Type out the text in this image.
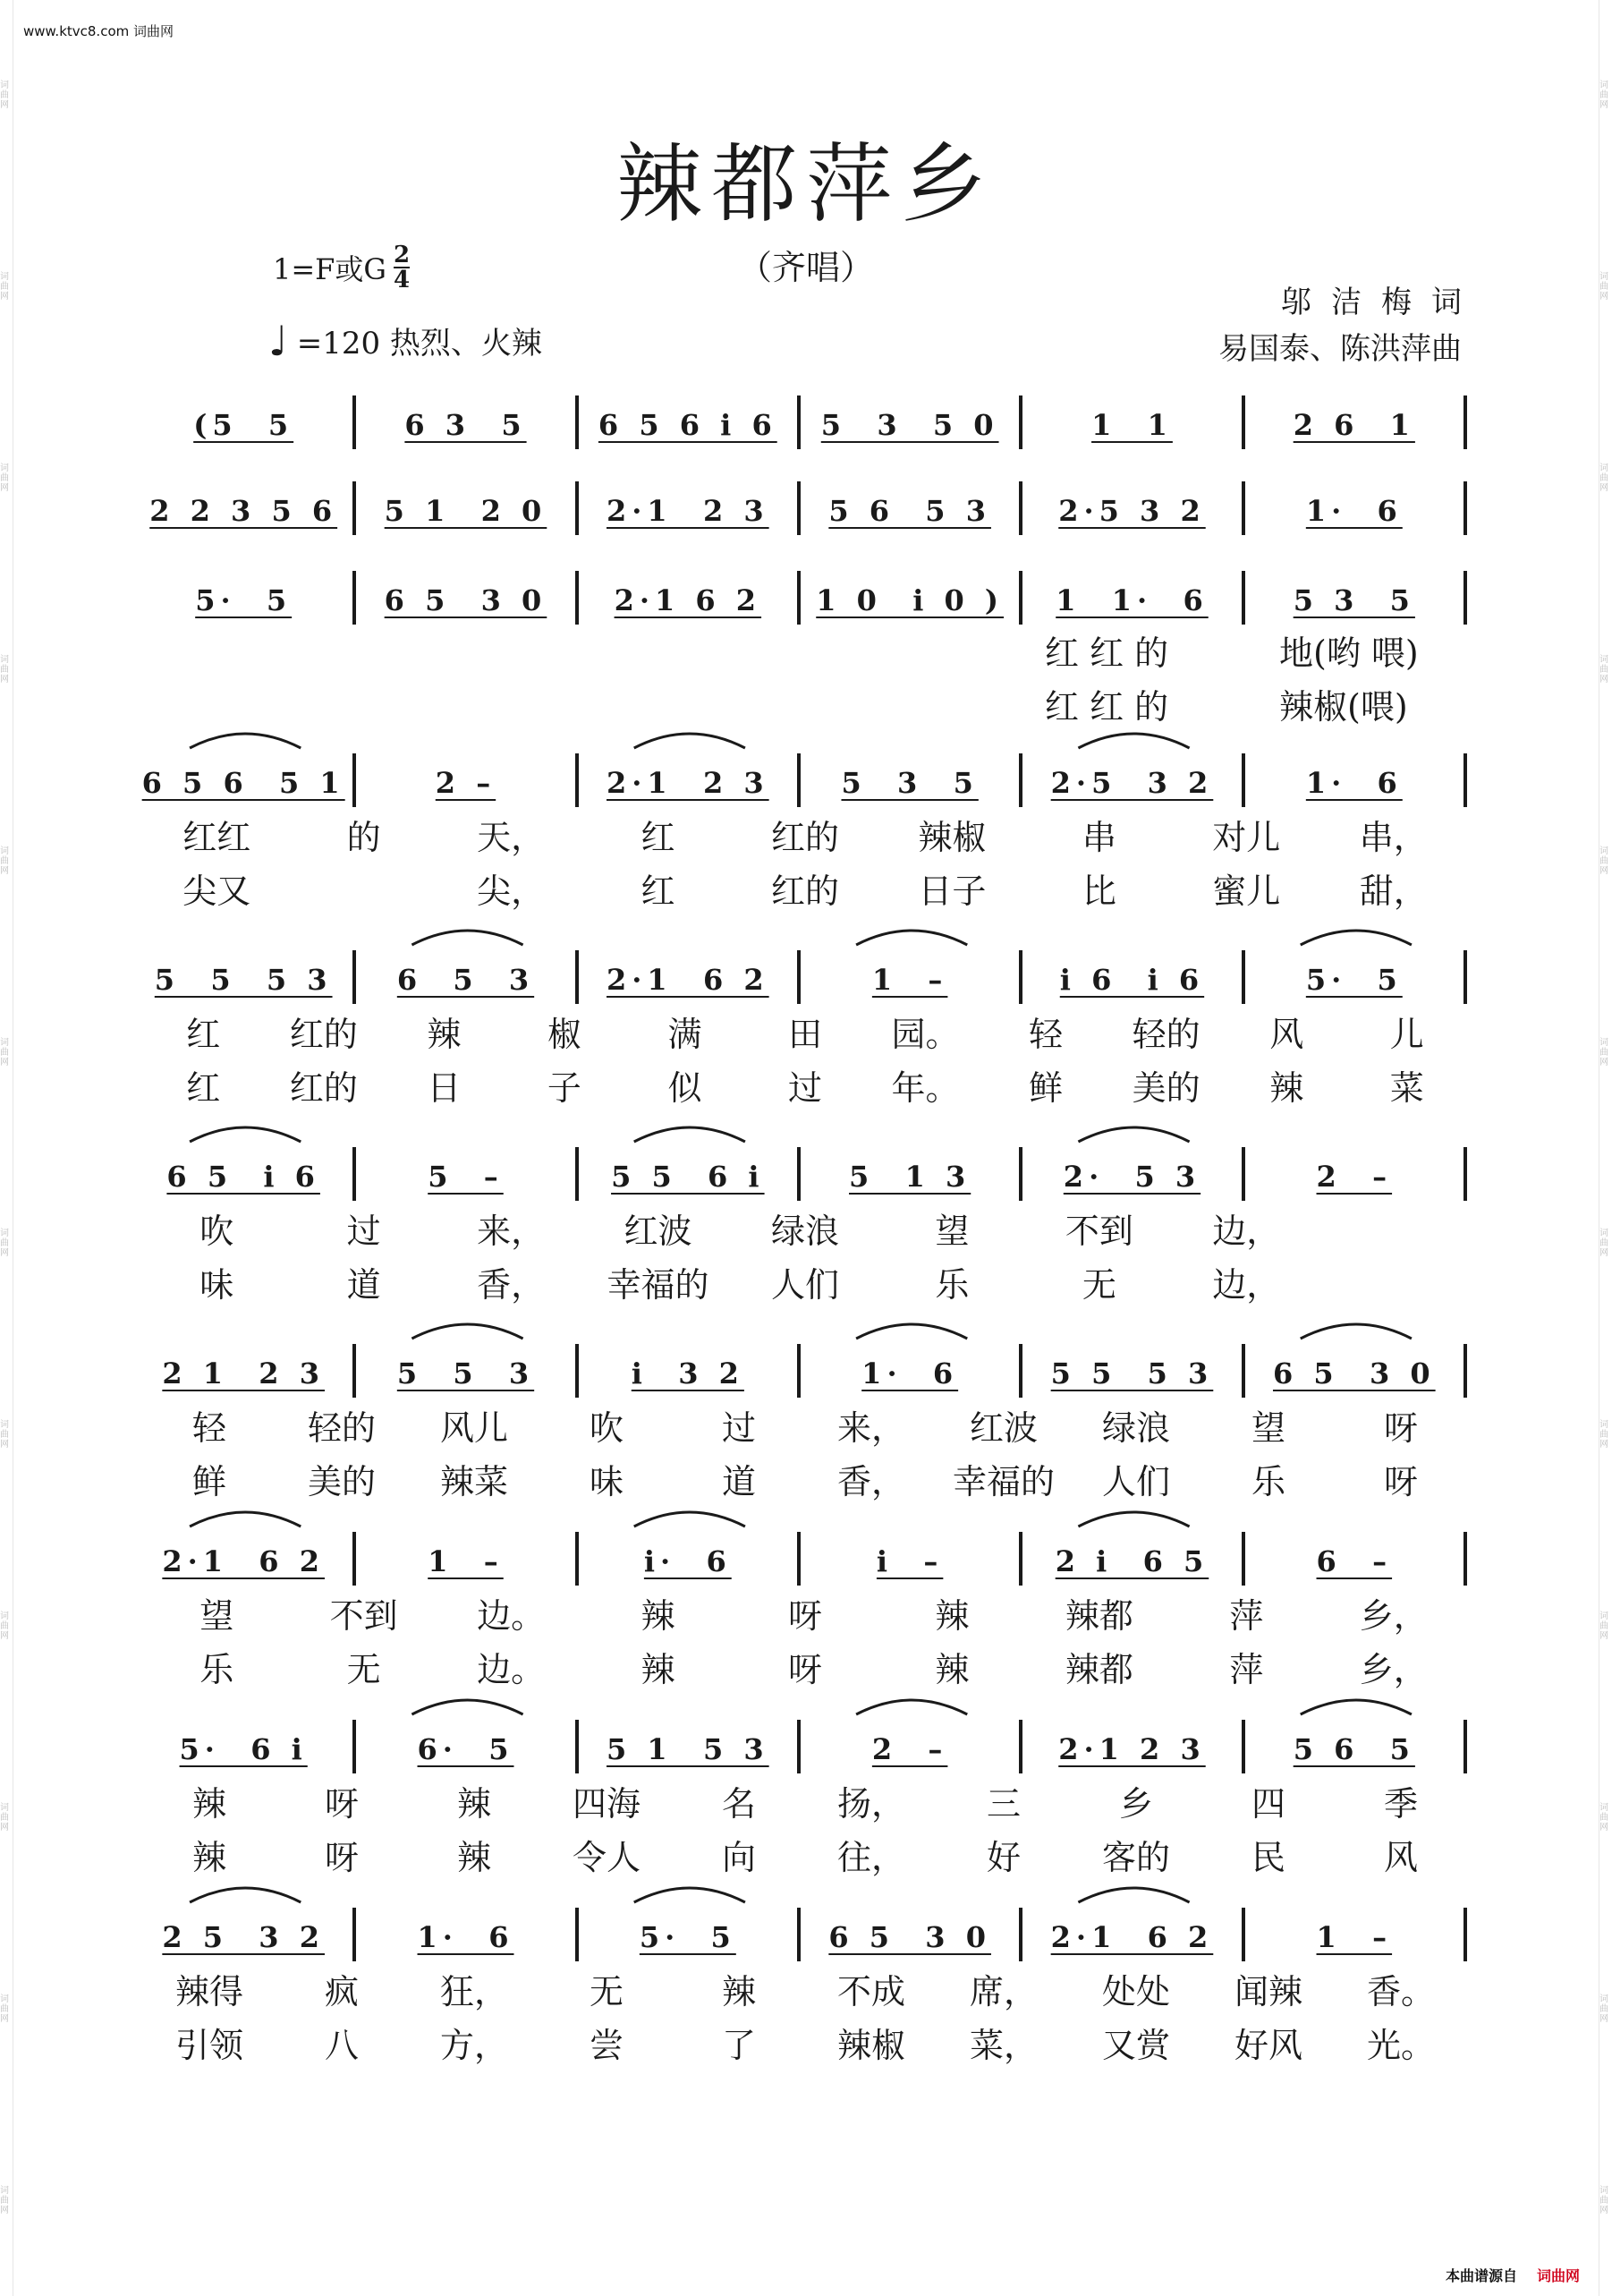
词曲网
词曲网
词曲网
词曲网
词曲网
词曲网
词曲网
词曲网
词曲网
词曲网
词曲网
词曲网
词曲网
词曲网
词曲网
词曲网
词曲网
词曲网
词曲网
词曲网
词曲网
词曲网
词曲网
词曲网
www.ktvc8.com 词曲网
辣都萍乡
（齐唱）
1=F或G $\frac{2}{4}$
♩ =120 热烈、火辣
邬洁梅词
易国泰、陈洪萍曲
(5  5	6 3  5	6 5 6 i 6	5  3  5 0	1  1	2 6  1
2 2 3 5 6	5 1  2 0	2·1  2 3	5 6  5 3	2·5 3 2	1·  6
5·  5	6 5  3 0	2·1 6 2	1 0  i 0 )	1  1·  6	5 3  5
红 红 的	地(哟 喂)
红 红 的	辣椒(喂)
6 5 6  5 1	2 –	2·1  2 3	5  3  5	2·5  3 2	1·  6
红红	的	天，	红	红的	辣椒	串	对儿	串，
尖又	尖，	红	红的	日子	比	蜜儿	甜，
5  5  5 3	6  5  3	2·1  6 2	1  –	i 6  i 6	5·  5
红	红的	辣	椒	满	田	园。	轻	轻的	风	儿
红	红的	日	子	似	过	年。	鲜	美的	辣	菜
6 5  i 6	5  –	5 5  6 i	5  1 3	2·  5 3	2  –
吹	过	来，	红波	绿浪	望	不到	边，
味	道	香，	幸福的	人们	乐	无	边，
2 1  2 3	5  5  3	i  3 2	1·  6	5 5  5 3	6 5  3 0
轻	轻的	风儿	吹	过	来，	红波	绿浪	望	呀
鲜	美的	辣菜	味	道	香，	幸福的	人们	乐	呀
2·1  6 2	1  –	i·  6	i  –	2 i  6 5	6  –
望	不到	边。	辣	呀	辣	辣都	萍	乡，
乐	无	边。	辣	呀	辣	辣都	萍	乡，
5·  6 i	6·  5	5 1  5 3	2  –	2·1 2 3	5 6  5
辣	呀	辣	四海	名	扬，	三	乡	四	季
辣	呀	辣	令人	向	往，	好	客的	民	风
2 5  3 2	1·  6	5·  5	6 5  3 0	2·1  6 2	1  –
辣得	疯	狂，	无	辣	不成	席，	处处	闻辣	香。
引领	八	方，	尝	了	辣椒	菜，	又赏	好风	光。
本曲谱源自 词曲网
